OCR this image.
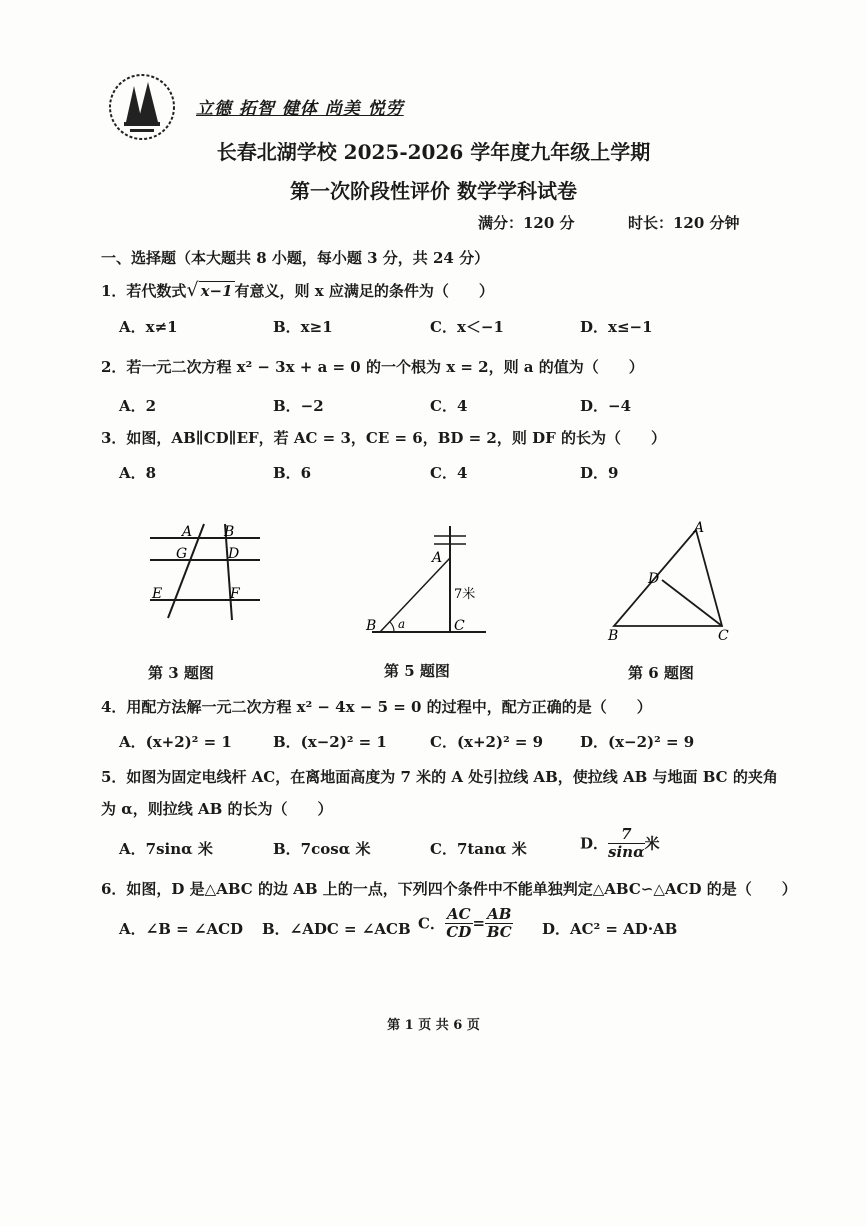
立德 拓智 健体 尚美 悦劳
长春北湖学校 2025-2026 学年度九年级上学期
第一次阶段性评价 数学学科试卷
满分：120 分	时长：120 分钟
一、选择题（本大题共 8 小题，每小题 3 分，共 24 分）
1．若代数式√ x−1 有意义，则 x 应满足的条件为（　　）
A．x≠1	B．x≥1	C．x＜−1	D．x≤−1
2．若一元二次方程 x² − 3x + a = 0 的一个根为 x = 2，则 a 的值为（　　）
A．2	B．−2	C．4	D．−4
3．如图，AB∥CD∥EF，若 AC = 3，CE = 6，BD = 2，则 DF 的长为（　　）
A．8	B．6	C．4	D．9
A B
G	D
E	F
第 3 题图
A
B	C
a
7米
第 5 题图
A
B	C
D
第 6 题图
4．用配方法解一元二次方程 x² − 4x − 5 = 0 的过程中，配方正确的是（　　）
A．(x+2)² = 1	B．(x−2)² = 1	C．(x+2)² = 9 D．(x−2)² = 9
5．如图为固定电线杆 AC，在离地面高度为 7 米的 A 处引拉线 AB，使拉线 AB 与地面 BC 的夹角
为 α，则拉线 AB 的长为（　　）
A．7sinα 米	B．7cosα 米	C．7tanα 米	D． $\frac{7}{\sin\alpha}$ 米
6．如图，D 是△ABC 的边 AB 上的一点，下列四个条件中不能单独判定△ABC∽△ACD 的是（　　）
A．∠B = ∠ACD B．∠ADC = ∠ACB C． $\frac{AC}{CD} = \frac{AB}{BC}$ D．AC² = AD·AB
第 1 页 共 6 页
